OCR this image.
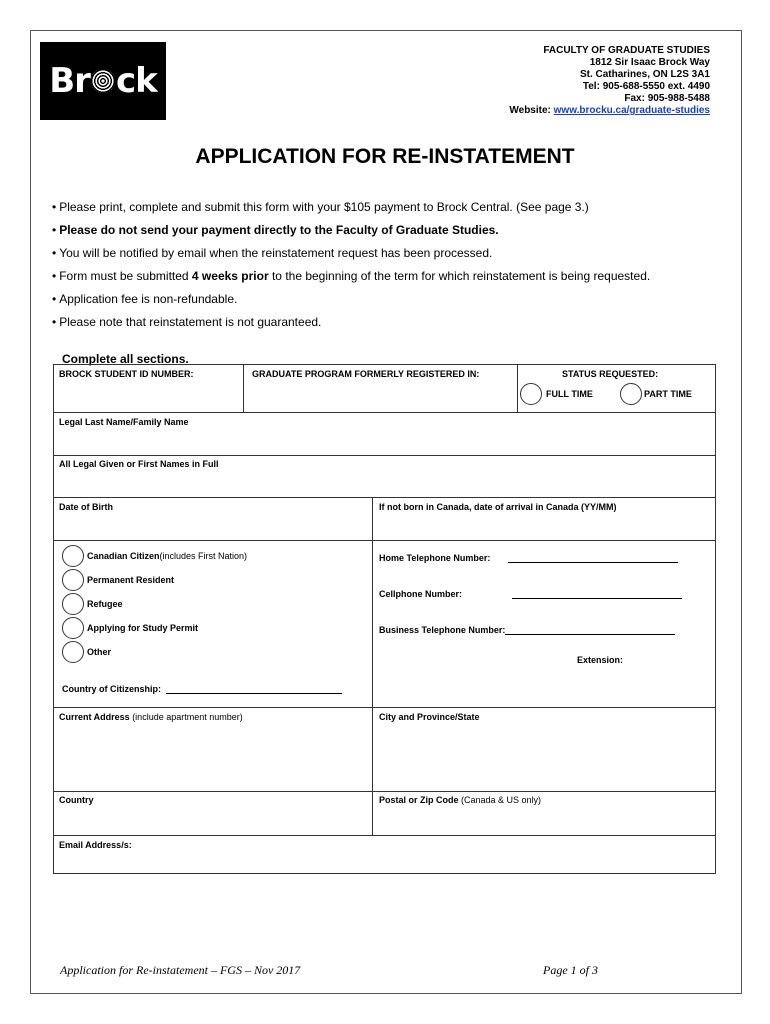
Br ck
FACULTY OF GRADUATE STUDIES
1812 Sir Isaac Brock Way
St. Catharines, ON L2S 3A1
Tel: 905-688-5550 ext. 4490
Fax: 905-988-5488
Website: www.brocku.ca/graduate-studies
APPLICATION FOR RE-INSTATEMENT
• Please print, complete and submit this form with your $105 payment to Brock Central. (See page 3.)
• Please do not send your payment directly to the Faculty of Graduate Studies.
• You will be notified by email when the reinstatement request has been processed.
• Form must be submitted 4 weeks prior to the beginning of the term for which reinstatement is being requested.
• Application fee is non-refundable.
• Please note that reinstatement is not guaranteed.
Complete all sections.
BROCK STUDENT ID NUMBER:	GRADUATE PROGRAM FORMERLY REGISTERED IN:	STATUS REQUESTED:
FULL TIME	PART TIME
Legal Last Name/Family Name
All Legal Given or First Names in Full
Date of Birth	If not born in Canada, date of arrival in Canada (YY/MM)
Canadian Citizen (includes First Nation)
Permanent Resident
Refugee
Applying for Study Permit
Other
Country of Citizenship:
Home Telephone Number:
Cellphone Number:
Business Telephone Number:
Extension:
Current Address (include apartment number)	City and Province/State
Country	Postal or Zip Code (Canada & US only)
Email Address/s:
Application for Re-instatement – FGS – Nov 2017	Page 1 of 3
